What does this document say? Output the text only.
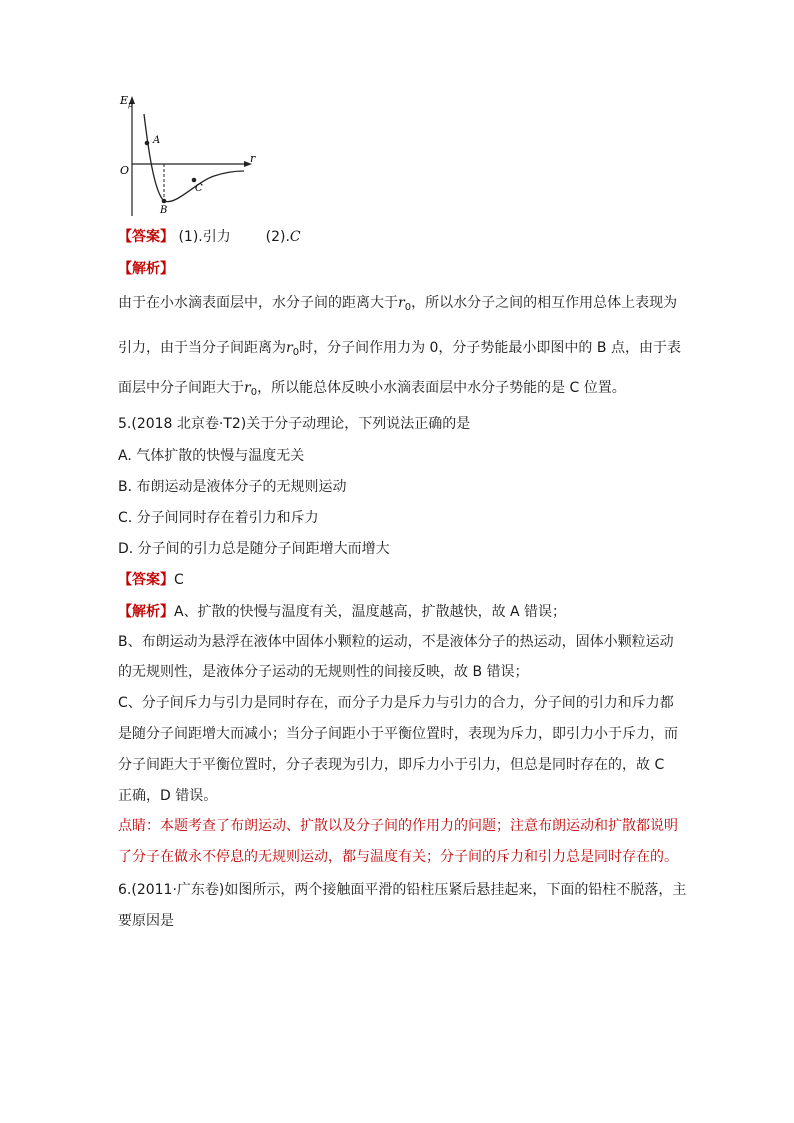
$E_p$
r
O
A
B
C
【答案】 (1).引力 (2).C
【解析】
由于在小水滴表面层中，水分子间的距离大于$r_0$，所以水分子之间的相互作用总体上表现为
引力，由于当分子间距离为$r_0$时，分子间作用力为 0，分子势能最小即图中的 B 点，由于表
面层中分子间距大于$r_0$，所以能总体反映小水滴表面层中水分子势能的是 C 位置。
5.(2018 北京卷·T2)关于分子动理论，下列说法正确的是
A. 气体扩散的快慢与温度无关
B. 布朗运动是液体分子的无规则运动
C. 分子间同时存在着引力和斥力
D. 分子间的引力总是随分子间距增大而增大
【答案】C
【解析】A、扩散的快慢与温度有关，温度越高，扩散越快，故 A 错误；
B、布朗运动为悬浮在液体中固体小颗粒的运动，不是液体分子的热运动，固体小颗粒运动
的无规则性，是液体分子运动的无规则性的间接反映，故 B 错误；
C、分子间斥力与引力是同时存在，而分子力是斥力与引力的合力，分子间的引力和斥力都
是随分子间距增大而减小；当分子间距小于平衡位置时，表现为斥力，即引力小于斥力，而
分子间距大于平衡位置时，分子表现为引力，即斥力小于引力，但总是同时存在的，故 C
正确，D 错误。
点睛：本题考查了布朗运动、扩散以及分子间的作用力的问题；注意布朗运动和扩散都说明
了分子在做永不停息的无规则运动，都与温度有关；分子间的斥力和引力总是同时存在的。
6.(2011·广东卷)如图所示，两个接触面平滑的铅柱压紧后悬挂起来，下面的铅柱不脱落，主
要原因是
